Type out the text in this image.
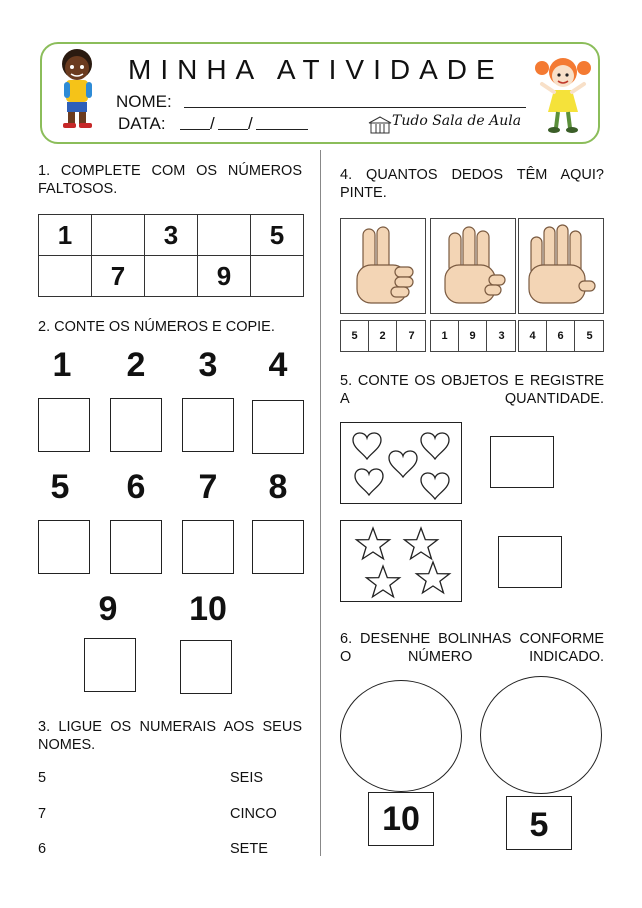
MINHA ATIVIDADE
NOME:
DATA:	/ /	Tudo Sala de Aula
1. COMPLETE COM OS NÚMEROS FALTOSOS.
1		3		5
	7		9	
2. CONTE OS NÚMEROS E COPIE.
1	2	3	4
5	6	7	8
9	10
3. LIGUE OS NUMERAIS AOS SEUS NOMES.
5	SEIS
7	CINCO
6	SETE
4. QUANTOS DEDOS TÊM AQUI? PINTE.
5	2	7	1	9	3	4	6	5
5. CONTE OS OBJETOS E REGISTRE A QUANTIDADE.
6. DESENHE BOLINHAS CONFORME O NÚMERO INDICADO.
10	5
